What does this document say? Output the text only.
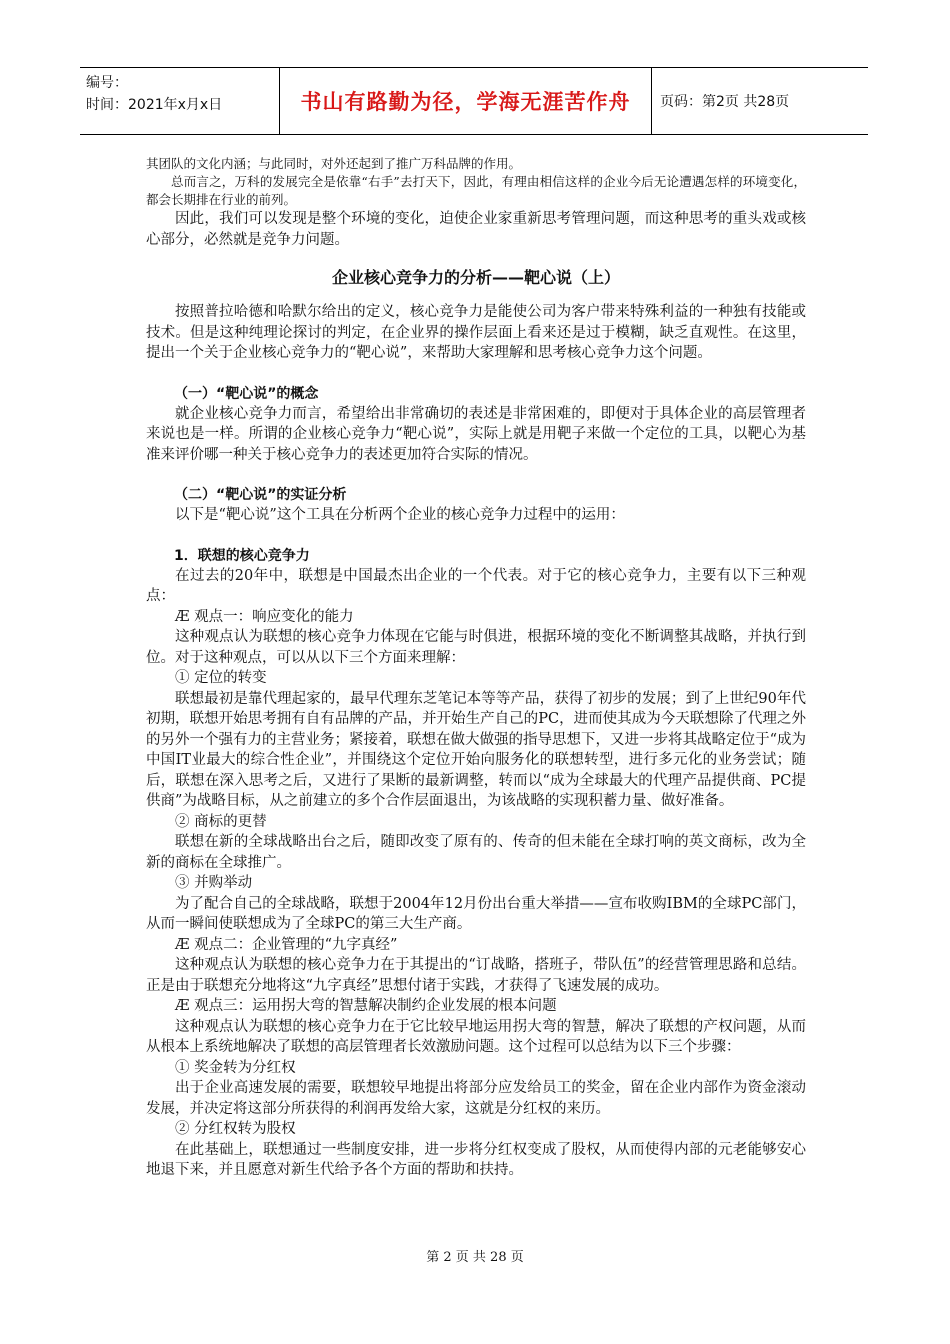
编号：
时间：2021年x月x日	书山有路勤为径，学海无涯苦作舟 页码：第2页 共28页

其团队的文化内涵；与此同时，对外还起到了推广万科品牌的作用。

总而言之，万科的发展完全是依靠“右手”去打天下，因此，有理由相信这样的企业今后无论遭遇怎样的环境变化，都会长期排在行业的前列。

因此，我们可以发现是整个环境的变化，迫使企业家重新思考管理问题，而这种思考的重头戏或核心部分，必然就是竞争力问题。

企业核心竞争力的分析——靶心说（上）

按照普拉哈德和哈默尔给出的定义，核心竞争力是能使公司为客户带来特殊利益的一种独有技能或技术。但是这种纯理论探讨的判定，在企业界的操作层面上看来还是过于模糊，缺乏直观性。在这里，提出一个关于企业核心竞争力的“靶心说”，来帮助大家理解和思考核心竞争力这个问题。

（一）“靶心说”的概念

就企业核心竞争力而言，希望给出非常确切的表述是非常困难的，即便对于具体企业的高层管理者来说也是一样。所谓的企业核心竞争力“靶心说”，实际上就是用靶子来做一个定位的工具，以靶心为基准来评价哪一种关于核心竞争力的表述更加符合实际的情况。

（二）“靶心说”的实证分析

以下是“靶心说”这个工具在分析两个企业的核心竞争力过程中的运用：

1．联想的核心竞争力

在过去的20年中，联想是中国最杰出企业的一个代表。对于它的核心竞争力，主要有以下三种观点：

Æ 观点一：响应变化的能力

这种观点认为联想的核心竞争力体现在它能与时俱进，根据环境的变化不断调整其战略，并执行到位。对于这种观点，可以从以下三个方面来理解：

① 定位的转变

联想最初是靠代理起家的，最早代理东芝笔记本等等产品，获得了初步的发展；到了上世纪90年代初期，联想开始思考拥有自有品牌的产品，并开始生产自己的PC，进而使其成为今天联想除了代理之外的另外一个强有力的主营业务；紧接着，联想在做大做强的指导思想下，又进一步将其战略定位于“成为中国IT业最大的综合性企业”，并围绕这个定位开始向服务化的联想转型，进行多元化的业务尝试；随后，联想在深入思考之后，又进行了果断的最新调整，转而以“成为全球最大的代理产品提供商、PC提供商”为战略目标，从之前建立的多个合作层面退出，为该战略的实现积蓄力量、做好准备。

② 商标的更替

联想在新的全球战略出台之后，随即改变了原有的、传奇的但未能在全球打响的英文商标，改为全新的商标在全球推广。

③ 并购举动

为了配合自己的全球战略，联想于2004年12月份出台重大举措——宣布收购IBM的全球PC部门，从而一瞬间使联想成为了全球PC的第三大生产商。

Æ 观点二：企业管理的“九字真经”

这种观点认为联想的核心竞争力在于其提出的“订战略，搭班子，带队伍”的经营管理思路和总结。正是由于联想充分地将这“九字真经”思想付诸于实践，才获得了飞速发展的成功。

Æ 观点三：运用拐大弯的智慧解决制约企业发展的根本问题

这种观点认为联想的核心竞争力在于它比较早地运用拐大弯的智慧，解决了联想的产权问题，从而从根本上系统地解决了联想的高层管理者长效激励问题。这个过程可以总结为以下三个步骤：

① 奖金转为分红权

出于企业高速发展的需要，联想较早地提出将部分应发给员工的奖金，留在企业内部作为资金滚动发展，并决定将这部分所获得的利润再发给大家，这就是分红权的来历。

② 分红权转为股权

在此基础上，联想通过一些制度安排，进一步将分红权变成了股权，从而使得内部的元老能够安心地退下来，并且愿意对新生代给予各个方面的帮助和扶持。

第 2 页 共 28 页
